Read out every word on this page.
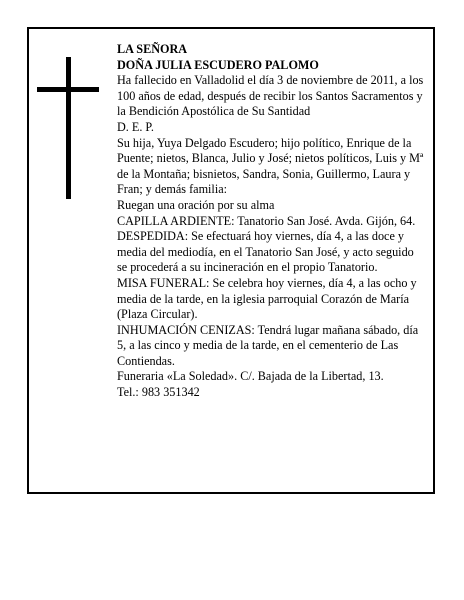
LA SEÑORA

DOÑA JULIA ESCUDERO PALOMO

Ha fallecido en Valladolid el día 3 de noviembre de 2011, a los 100 años de edad, después de recibir los Santos Sacramentos y la Bendición Apostólica de Su Santidad

D. E. P.

Su hija, Yuya Delgado Escudero; hijo político, Enrique de la Puente; nietos, Blanca, Julio y José; nietos políticos, Luis y Mª de la Montaña; bisnietos, Sandra, Sonia, Guillermo, Laura y Fran; y demás familia:

Ruegan una oración por su alma

CAPILLA ARDIENTE: Tanatorio San José. Avda. Gijón, 64.

DESPEDIDA: Se efectuará hoy viernes, día 4, a las doce y media del mediodía, en el Tanatorio San José, y acto seguido se procederá a su incineración en el propio Tanatorio.

MISA FUNERAL: Se celebra hoy viernes, día 4, a las ocho y media de la tarde, en la iglesia parroquial Corazón de María (Plaza Circular).

INHUMACIÓN CENIZAS: Tendrá lugar mañana sábado, día 5, a las cinco y media de la tarde, en el cementerio de Las Contiendas.

Funeraria «La Soledad». C/. Bajada de la Libertad, 13.

Tel.: 983 351342
